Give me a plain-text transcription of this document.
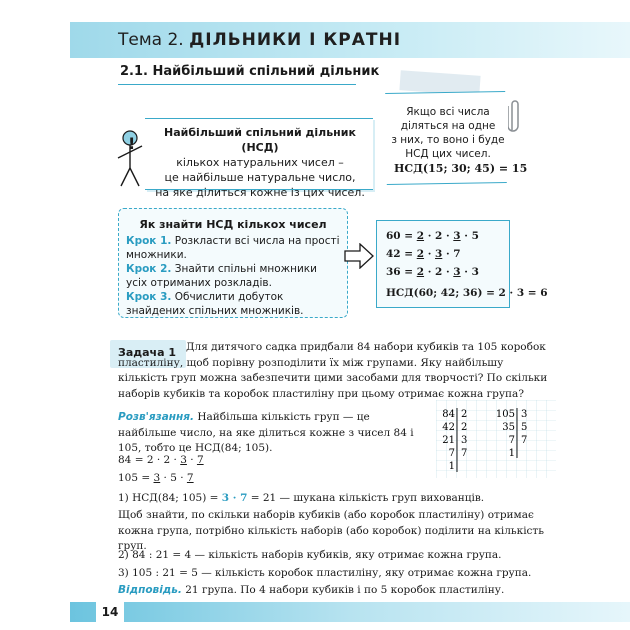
Тема 2. ДІЛЬНИКИ І КРАТНІ
2.1. Найбільший спільний дільник
!
Найбільший спільний дільник (НСД)
кількох натуральних чисел –
це найбільше натуральне число,
на яке ділиться кожне із цих чисел.
Якщо всі числа
діляться на одне
з них, то воно і буде
НСД цих чисел.
НСД(15; 30; 45) = 15
Як знайти НСД кількох чисел
Крок 1. Розкласти всі числа на прості множники.
Крок 2. Знайти спільні множники усіх отриманих розкладів.
Крок 3. Обчислити добуток знайдених спільних множників.
60 = 2 · 2 · 3 · 5
42 = 2 · 3 · 7
36 = 2 · 2 · 3 · 3
НСД(60; 42; 36) = 2 · 3 = 6
Задача 1 Для дитячого садка придбали 84 набори кубиків та 105 коробок пластиліну, щоб порівну розподілити їх між групами. Яку найбільшу кількість груп можна забезпечити цими засобами для творчості? По скільки наборів кубиків та коробок пластиліну при цьому отримає кожна група?
Розв'язання. Найбільша кількість груп — це найбільше число, на яке ділиться кожне з чисел 84 і 105, тобто це НСД(84; 105).
84 = 2 · 2 · 3 · 7
105 = 3 · 5 · 7
1) НСД(84; 105) = 3 · 7 = 21 — шукана кількість груп вихованців.
Щоб знайти, по скільки наборів кубиків (або коробок пластиліну) отримає кожна група, потрібно кількість наборів (або коробок) поділити на кількість груп.
2) 84 : 21 = 4 — кількість наборів кубиків, яку отримає кожна група.
3) 105 : 21 = 5 — кількість коробок пластиліну, яку отримає кожна група.
Відповідь. 21 група. По 4 набори кубиків і по 5 коробок пластиліну.
84 2
42 2
21 3
7 7
1
105 3
35 5
7 7
1
14
